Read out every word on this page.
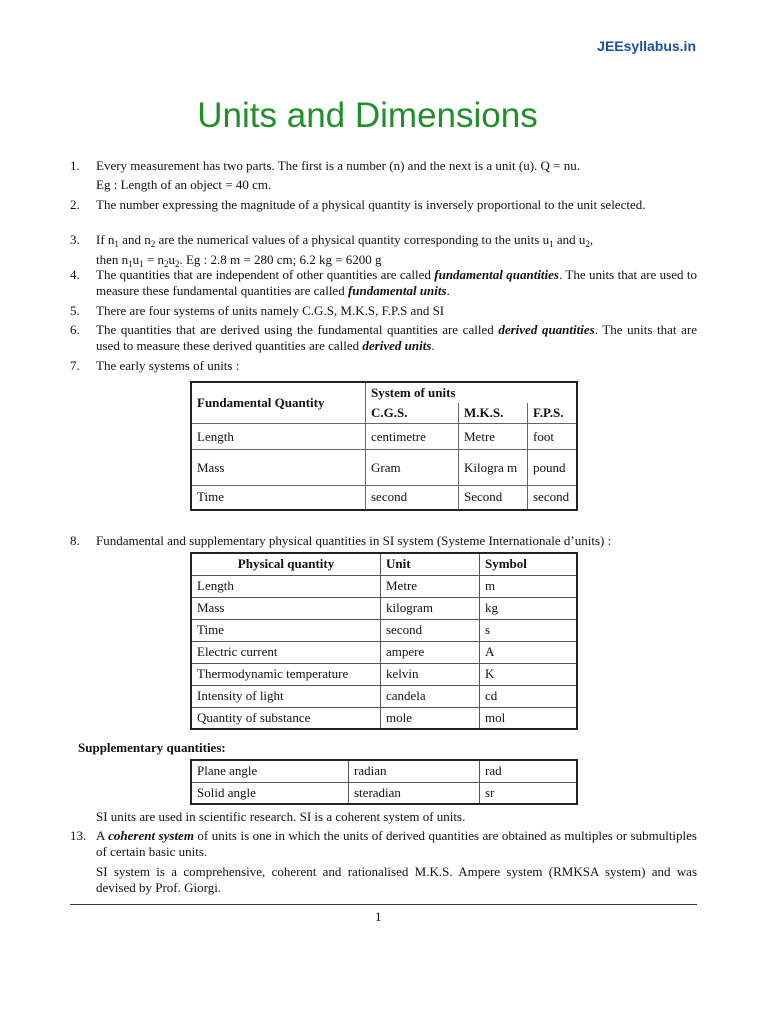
JEEsyllabus.in
Units and Dimensions
1.	Every measurement has two parts. The first is a number (n) and the next is a unit (u). Q = nu.
Eg : Length of an object = 40 cm.
2.	The number expressing the magnitude of a physical quantity is inversely proportional to the unit selected.
3.	If $n_1$ and $n_2$ are the numerical values of a physical quantity corresponding to the units $u_1$ and $u_2$,
then $n_1u_1 = n_2u_2$. Eg : 2.8 m = 280 cm; 6.2 kg = 6200 g
4.	The quantities that are independent of other quantities are called fundamental quantities. The units that are used to measure these fundamental quantities are called fundamental units.
5.	There are four systems of units namely C.G.S, M.K.S, F.P.S and SI
6.	The quantities that are derived using the fundamental quantities are called derived quantities. The units that are used to measure these derived quantities are called derived units.
7.	The early systems of units :
Fundamental Quantity	System of units		
	C.G.S.	M.K.S.	F.P.S.
Length	centimetre	Metre	foot
Mass	Gram	Kilogra m	pound
Time	second	Second	second
8.	Fundamental and supplementary physical quantities in SI system (Systeme Internationale d’units) :
Physical quantity	Unit	Symbol
Length	Metre	m
Mass	kilogram	kg
Time	second	s
Electric current	ampere	A
Thermodynamic temperature	kelvin	K
Intensity of light	candela	cd
Quantity of substance	mole	mol
Supplementary quantities:
Plane angle	radian	rad
Solid angle	steradian	sr
SI units are used in scientific research. SI is a coherent system of units.
13. A coherent system of units is one in which the units of derived quantities are obtained as multiples or submultiples of certain basic units.
SI system is a comprehensive, coherent and rationalised M.K.S. Ampere system (RMKSA system) and was devised by Prof. Giorgi.
1
